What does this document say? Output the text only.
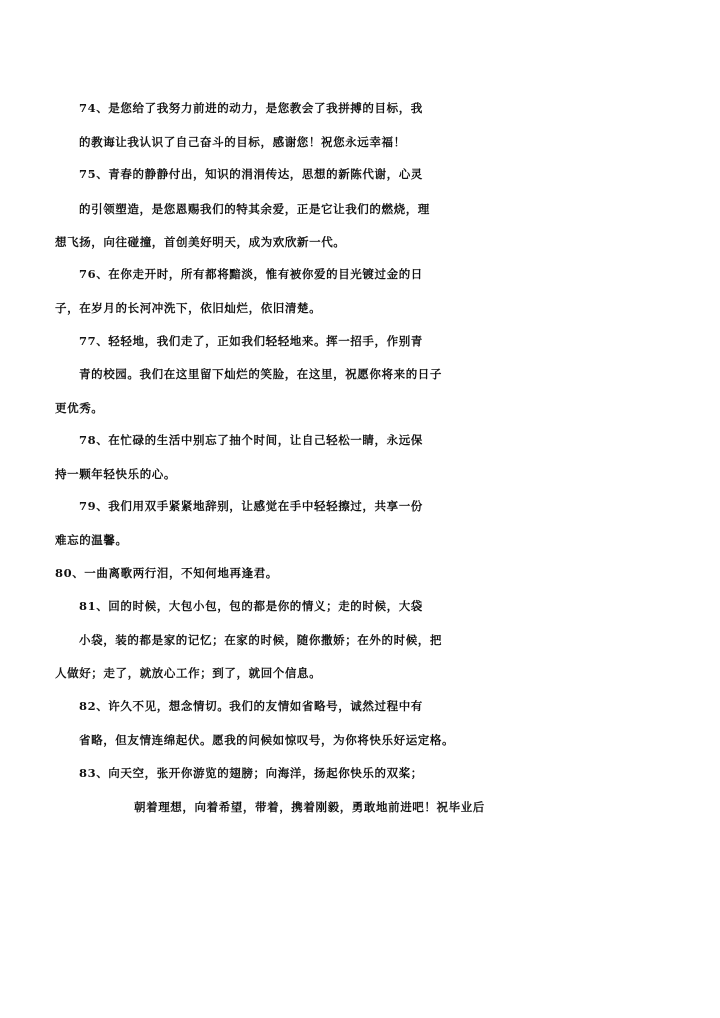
74、是您给了我努力前进的动力，是您教会了我拼搏的目标，我
的教诲让我认识了自己奋斗的目标，感谢您！祝您永远幸福！
75、青春的静静付出，知识的涓涓传达，思想的新陈代谢，心灵
的引领塑造，是您恩赐我们的特其余爱，正是它让我们的燃烧，理
想飞扬，向往碰撞，首创美好明天，成为欢欣新一代。
76、在你走开时，所有都将黯淡，惟有被你爱的目光镀过金的日
子，在岁月的长河冲洗下，依旧灿烂，依旧清楚。
77、轻轻地，我们走了，正如我们轻轻地来。挥一招手，作别青
青的校园。我们在这里留下灿烂的笑脸，在这里，祝愿你将来的日子
更优秀。
78、在忙碌的生活中别忘了抽个时间，让自己轻松一睛，永远保
持一颗年轻快乐的心。
79、我们用双手紧紧地辞别，让感觉在手中轻轻擦过，共享一份
难忘的温馨。
80、一曲离歌两行泪，不知何地再逢君。
81、回的时候，大包小包，包的都是你的情义；走的时候，大袋
小袋，装的都是家的记忆；在家的时候，随你撒娇；在外的时候，把
人做好；走了，就放心工作；到了，就回个信息。
82、许久不见，想念情切。我们的友情如省略号，诚然过程中有
省略，但友情连绵起伏。愿我的问候如惊叹号，为你将快乐好运定格。
83、向天空，张开你游览的翅膀；向海洋，扬起你快乐的双桨；
朝着理想，向着希望，带着，携着刚毅，勇敢地前进吧！祝毕业后
